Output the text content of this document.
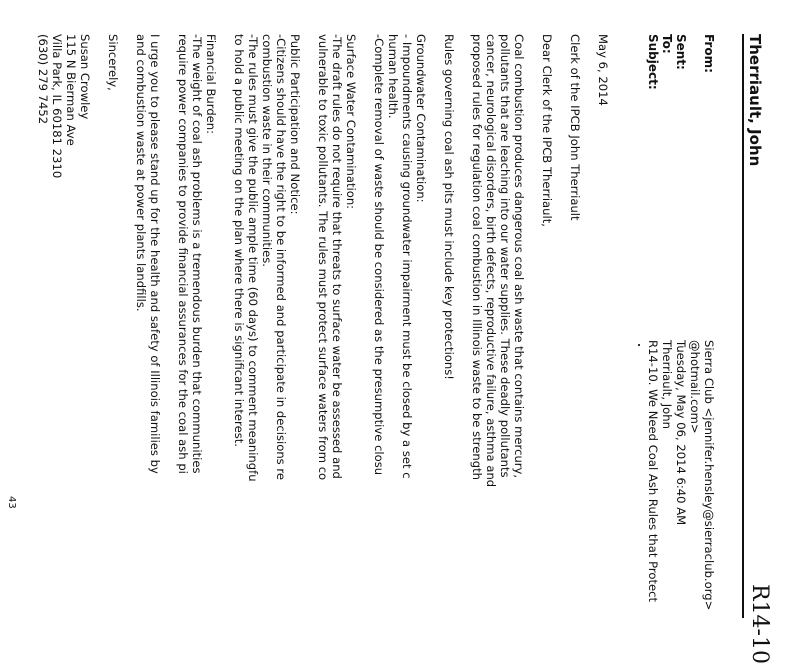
Therriault, John
R14-10
From:
Sierra Club <jennifer.hensley@sierraclub.org>
@hotmail.com>
Sent:
Tuesday, May 06, 2014 6:40 AM
To:
Therriault, John
Subject:
R14-10. We Need Coal Ash Rules that Protect
May 6, 2014
Clerk of the IPCB John Therriault
Dear Clerk of the IPCB Therriault,
Coal combustion produces dangerous coal ash waste that contains mercury,
pollutants that are leaching into our water supplies. These deadly pollutants
cancer, neurological disorders, birth defects, reproductive failure, asthma and
proposed rules for regulation coal combustion in Illinois waste to be strength
Rules governing coal ash pits must include key protections!
Groundwater Contamination:
- Impoundments causing groundwater impairment must be closed by a set c
human health.
-Complete removal of waste should be considered as the presumptive closu
Surface Water Contamination:
-The draft rules do not require that threats to surface water be assessed and
vulnerable to toxic pollutants. The rules must protect surface waters from co
Public Participation and Notice:
-Citizens should have the right to be informed and participate in decisions re
combustion waste in their communities.
-The rules must give the public ample time (60 days) to comment meaningfu
to hold a public meeting on the plan where there is significant interest.
Financial Burden:
-The weight of coal ash problems is a tremendous burden that communities
require power companies to provide financial assurances for the coal ash pi
I urge you to please stand up for the health and safety of Illinois families by
and combustion waste at power plants landfills.
Sincerely,
Susan Crowley
115 N Bierman Ave
Villa Park, IL 60181 2310
(630) 279 7452
43
